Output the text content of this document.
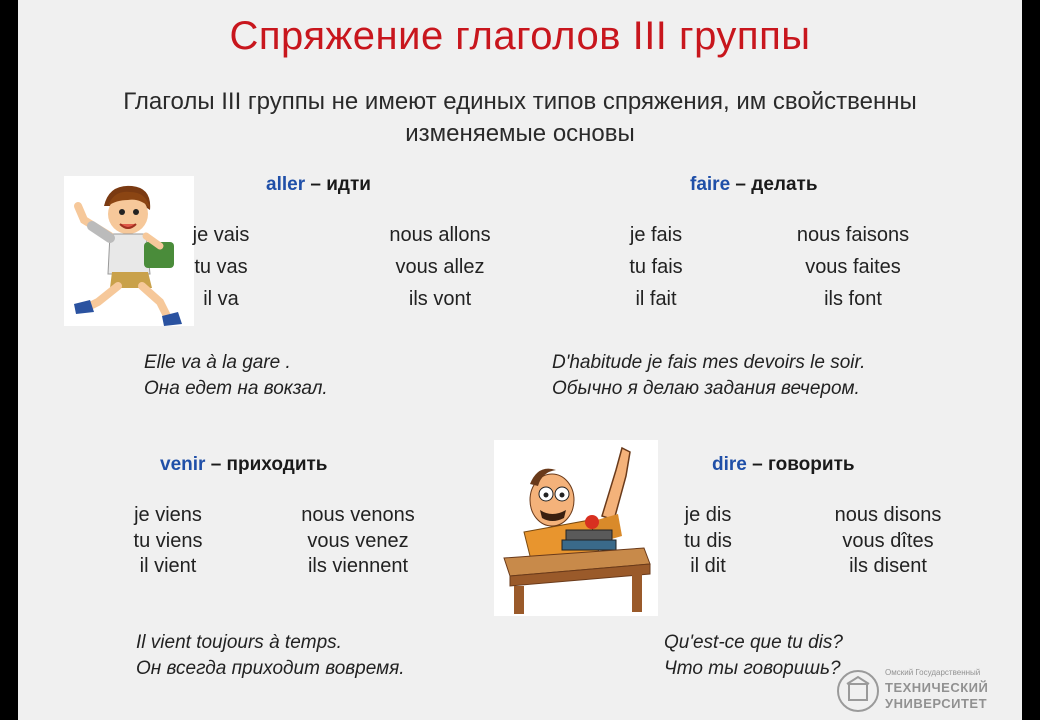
Спряжение глаголов III группы
Глаголы III группы не имеют единых типов спряжения, им свойственны изменяемые основы
aller – идти
je vais
tu vas
il va
nous allons
vous allez
ils vont
Elle va à la gare .
Она едет на вокзал.
faire – делать
je fais
tu fais
il fait
nous faisons
vous faites
ils font
D'habitude je fais mes devoirs le soir.
Обычно я делаю задания вечером.
venir – приходить
je viens
tu viens
il vient
nous venons
vous venez
ils viennent
Il vient toujours à temps.
Он всегда приходит вовремя.
dire – говорить
je dis
tu dis
il dit
nous disons
vous dîtes
ils disent
Qu'est-ce que tu dis?
Что ты говоришь?	Омский Государственный
ТЕХНИЧЕСКИЙ
УНИВЕРСИТЕТ
